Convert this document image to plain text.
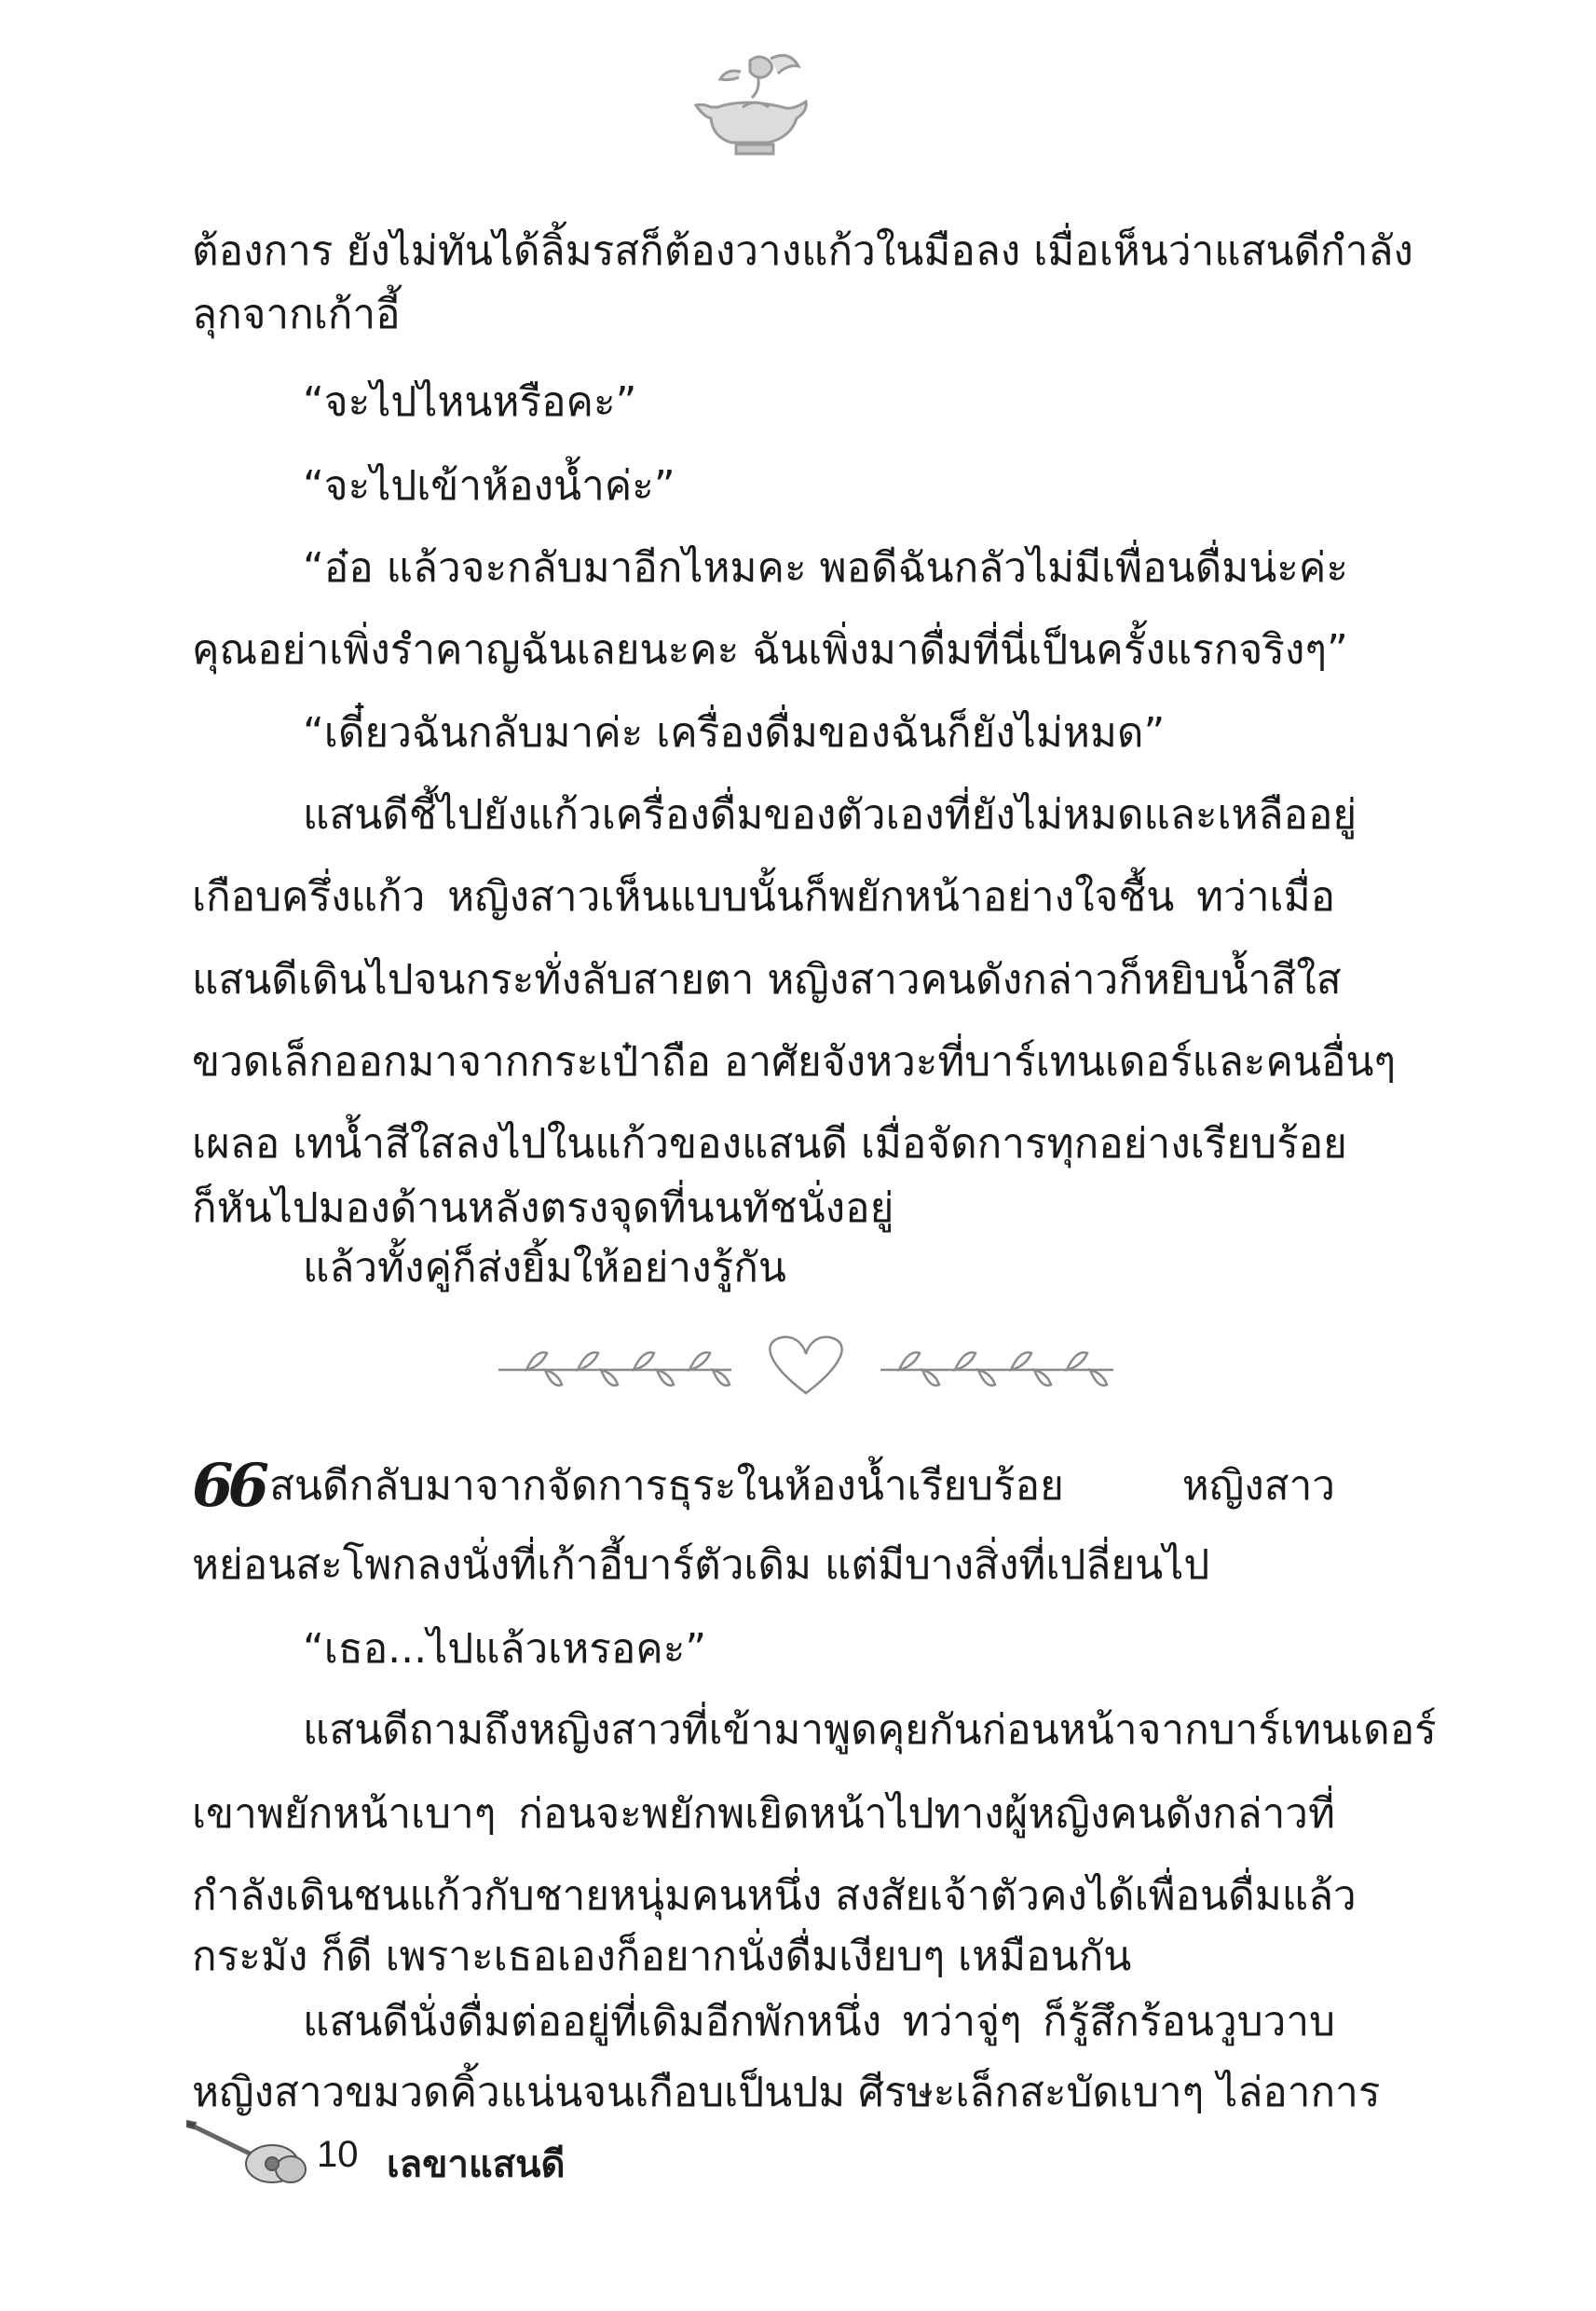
ต้องการ ยังไม่ทันได้ลิ้มรสก็ต้องวางแก้วในมือลง เมื่อเห็นว่าแสนดีกำลัง
ลุกจากเก้าอี้
“จะไปไหนหรือคะ”
“จะไปเข้าห้องน้ำค่ะ”
“อ๋อ แล้วจะกลับมาอีกไหมคะ พอดีฉันกลัวไม่มีเพื่อนดื่มน่ะค่ะ
คุณอย่าเพิ่งรำคาญฉันเลยนะคะ ฉันเพิ่งมาดื่มที่นี่เป็นครั้งแรกจริงๆ”
“เดี๋ยวฉันกลับมาค่ะ เครื่องดื่มของฉันก็ยังไม่หมด”
แสนดีชี้ไปยังแก้วเครื่องดื่มของตัวเองที่ยังไม่หมดและเหลืออยู่
เกือบครึ่งแก้ว หญิงสาวเห็นแบบนั้นก็พยักหน้าอย่างใจชื้น ทว่าเมื่อ
แสนดีเดินไปจนกระทั่งลับสายตา หญิงสาวคนดังกล่าวก็หยิบน้ำสีใส
ขวดเล็กออกมาจากกระเป๋าถือ อาศัยจังหวะที่บาร์เทนเดอร์และคนอื่นๆ
เผลอ เทน้ำสีใสลงไปในแก้วของแสนดี เมื่อจัดการทุกอย่างเรียบร้อย
ก็หันไปมองด้านหลังตรงจุดที่นนทัชนั่งอยู่
แล้วทั้งคู่ก็ส่งยิ้มให้อย่างรู้กัน
66 สนดีกลับมาจากจัดการธุระในห้องน้ำเรียบร้อย หญิงสาว
หย่อนสะโพกลงนั่งที่เก้าอี้บาร์ตัวเดิม แต่มีบางสิ่งที่เปลี่ยนไป
“เธอ...ไปแล้วเหรอคะ”
แสนดีถามถึงหญิงสาวที่เข้ามาพูดคุยกันก่อนหน้าจากบาร์เทนเดอร์
เขาพยักหน้าเบาๆ ก่อนจะพยักพเยิดหน้าไปทางผู้หญิงคนดังกล่าวที่
กำลังเดินชนแก้วกับชายหนุ่มคนหนึ่ง สงสัยเจ้าตัวคงได้เพื่อนดื่มแล้ว
กระมัง ก็ดี เพราะเธอเองก็อยากนั่งดื่มเงียบๆ เหมือนกัน
แสนดีนั่งดื่มต่ออยู่ที่เดิมอีกพักหนึ่ง ทว่าจู่ๆ ก็รู้สึกร้อนวูบวาบ
หญิงสาวขมวดคิ้วแน่นจนเกือบเป็นปม ศีรษะเล็กสะบัดเบาๆ ไล่อาการ
10 เลขาแสนดี
